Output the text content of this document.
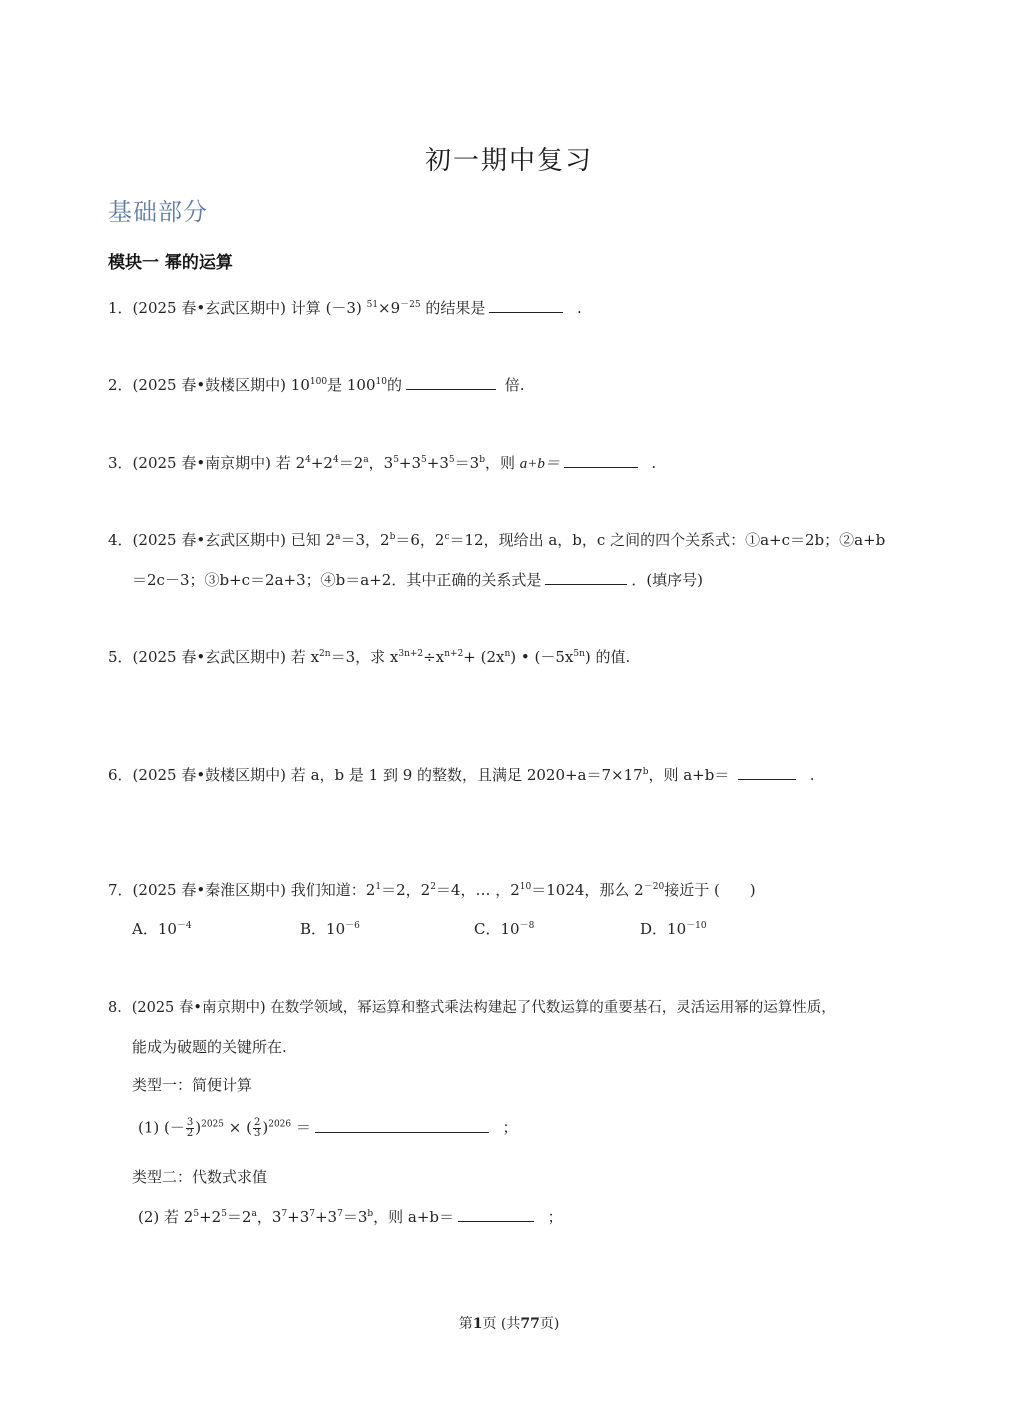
初一期中复习
基础部分
模块一 幂的运算
1．(2025 春•玄武区期中) 计算 (－3) $^{51}\times 9^{-25}$ 的结果是	.
2．(2025 春•鼓楼区期中) $10^{100}$是 $100^{10}$的	倍.
3．(2025 春•南京期中) 若 $2^4+2^4=2^a$，$3^5+3^5+3^5=3^b$，则 a+b＝	.
4．(2025 春•玄武区期中) 已知 $2^a=3$，$2^b=6$，$2^c=12$，现给出 a，b，c 之间的四个关系式：①a+c＝2b；②a+b
＝2c－3；③b+c＝2a+3；④b＝a+2．其中正确的关系式是	．(填序号)
5．(2025 春•玄武区期中) 若 $x^{2n}=3$，求 $x^{3n+2}\div x^{n+2}+ (2x^n)$ • $(-5x^{5n})$ 的值.
6．(2025 春•鼓楼区期中) 若 a，b 是 1 到 9 的整数，且满足 $2020+a=7\times 17^b$，则 a+b＝	.
7．(2025 春•秦淮区期中) 我们知道：$2^1=2$，$2^2=4$，… ，$2^{10}=1024$，那么 $2^{-20}$接近于 (　　)
A．$10^{-4}$	B．$10^{-6}$	C．$10^{-8}$	D．$10^{-10}$
8．(2025 春•南京期中) 在数学领域，幂运算和整式乘法构建起了代数运算的重要基石，灵活运用幂的运算性质，
能成为破题的关键所在.
类型一：简便计算
(1) (－ $\frac{3}{2} )^{2025}$ × ( $\frac{2}{3} )^{2026}$ ＝	；
类型二：代数式求值
(2) 若 $2^5+2^5=2^a$，$3^7+3^7+3^7=3^b$，则 a+b＝	；
第1页 (共77页)
